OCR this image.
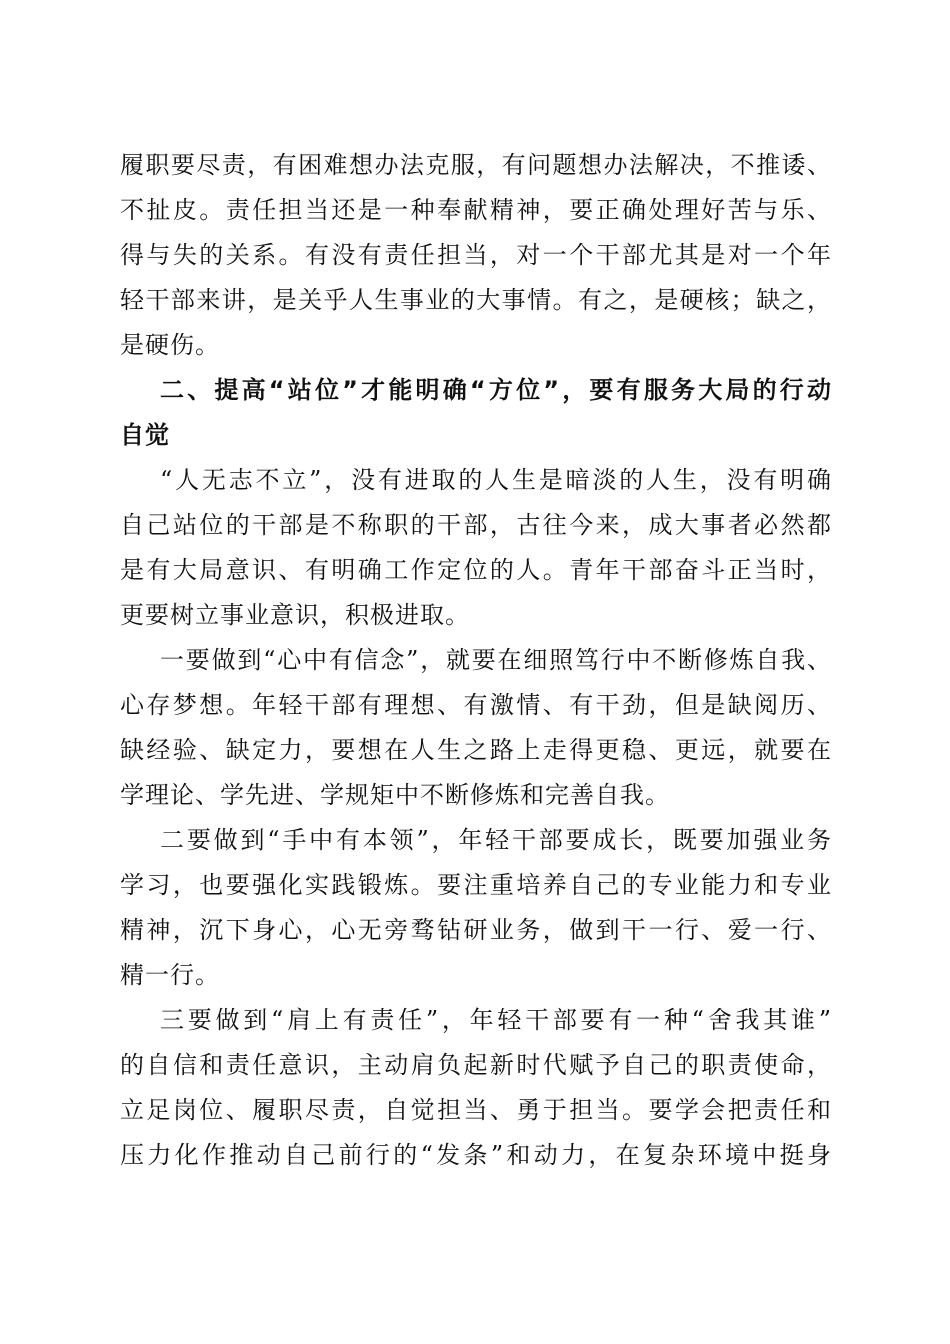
履职要尽责，有困难想办法克服，有问题想办法解决，不推诿、
不扯皮。责任担当还是一种奉献精神，要正确处理好苦与乐、
得与失的关系。有没有责任担当，对一个干部尤其是对一个年
轻干部来讲，是关乎人生事业的大事情。有之，是硬核；缺之，
是硬伤。
二、提高“站位”才能明确“方位”，要有服务大局的行动
自觉
“人无志不立”，没有进取的人生是暗淡的人生，没有明确
自己站位的干部是不称职的干部，古往今来，成大事者必然都
是有大局意识、有明确工作定位的人。青年干部奋斗正当时，
更要树立事业意识，积极进取。
一要做到“心中有信念”，就要在细照笃行中不断修炼自我、
心存梦想。年轻干部有理想、有激情、有干劲，但是缺阅历、
缺经验、缺定力，要想在人生之路上走得更稳、更远，就要在
学理论、学先进、学规矩中不断修炼和完善自我。
二要做到“手中有本领”，年轻干部要成长，既要加强业务
学习，也要强化实践锻炼。要注重培养自己的专业能力和专业
精神，沉下身心，心无旁骛钻研业务，做到干一行、爱一行、
精一行。
三要做到“肩上有责任”，年轻干部要有一种“舍我其谁”
的自信和责任意识，主动肩负起新时代赋予自己的职责使命，
立足岗位、履职尽责，自觉担当、勇于担当。要学会把责任和
压力化作推动自己前行的“发条”和动力，在复杂环境中挺身
